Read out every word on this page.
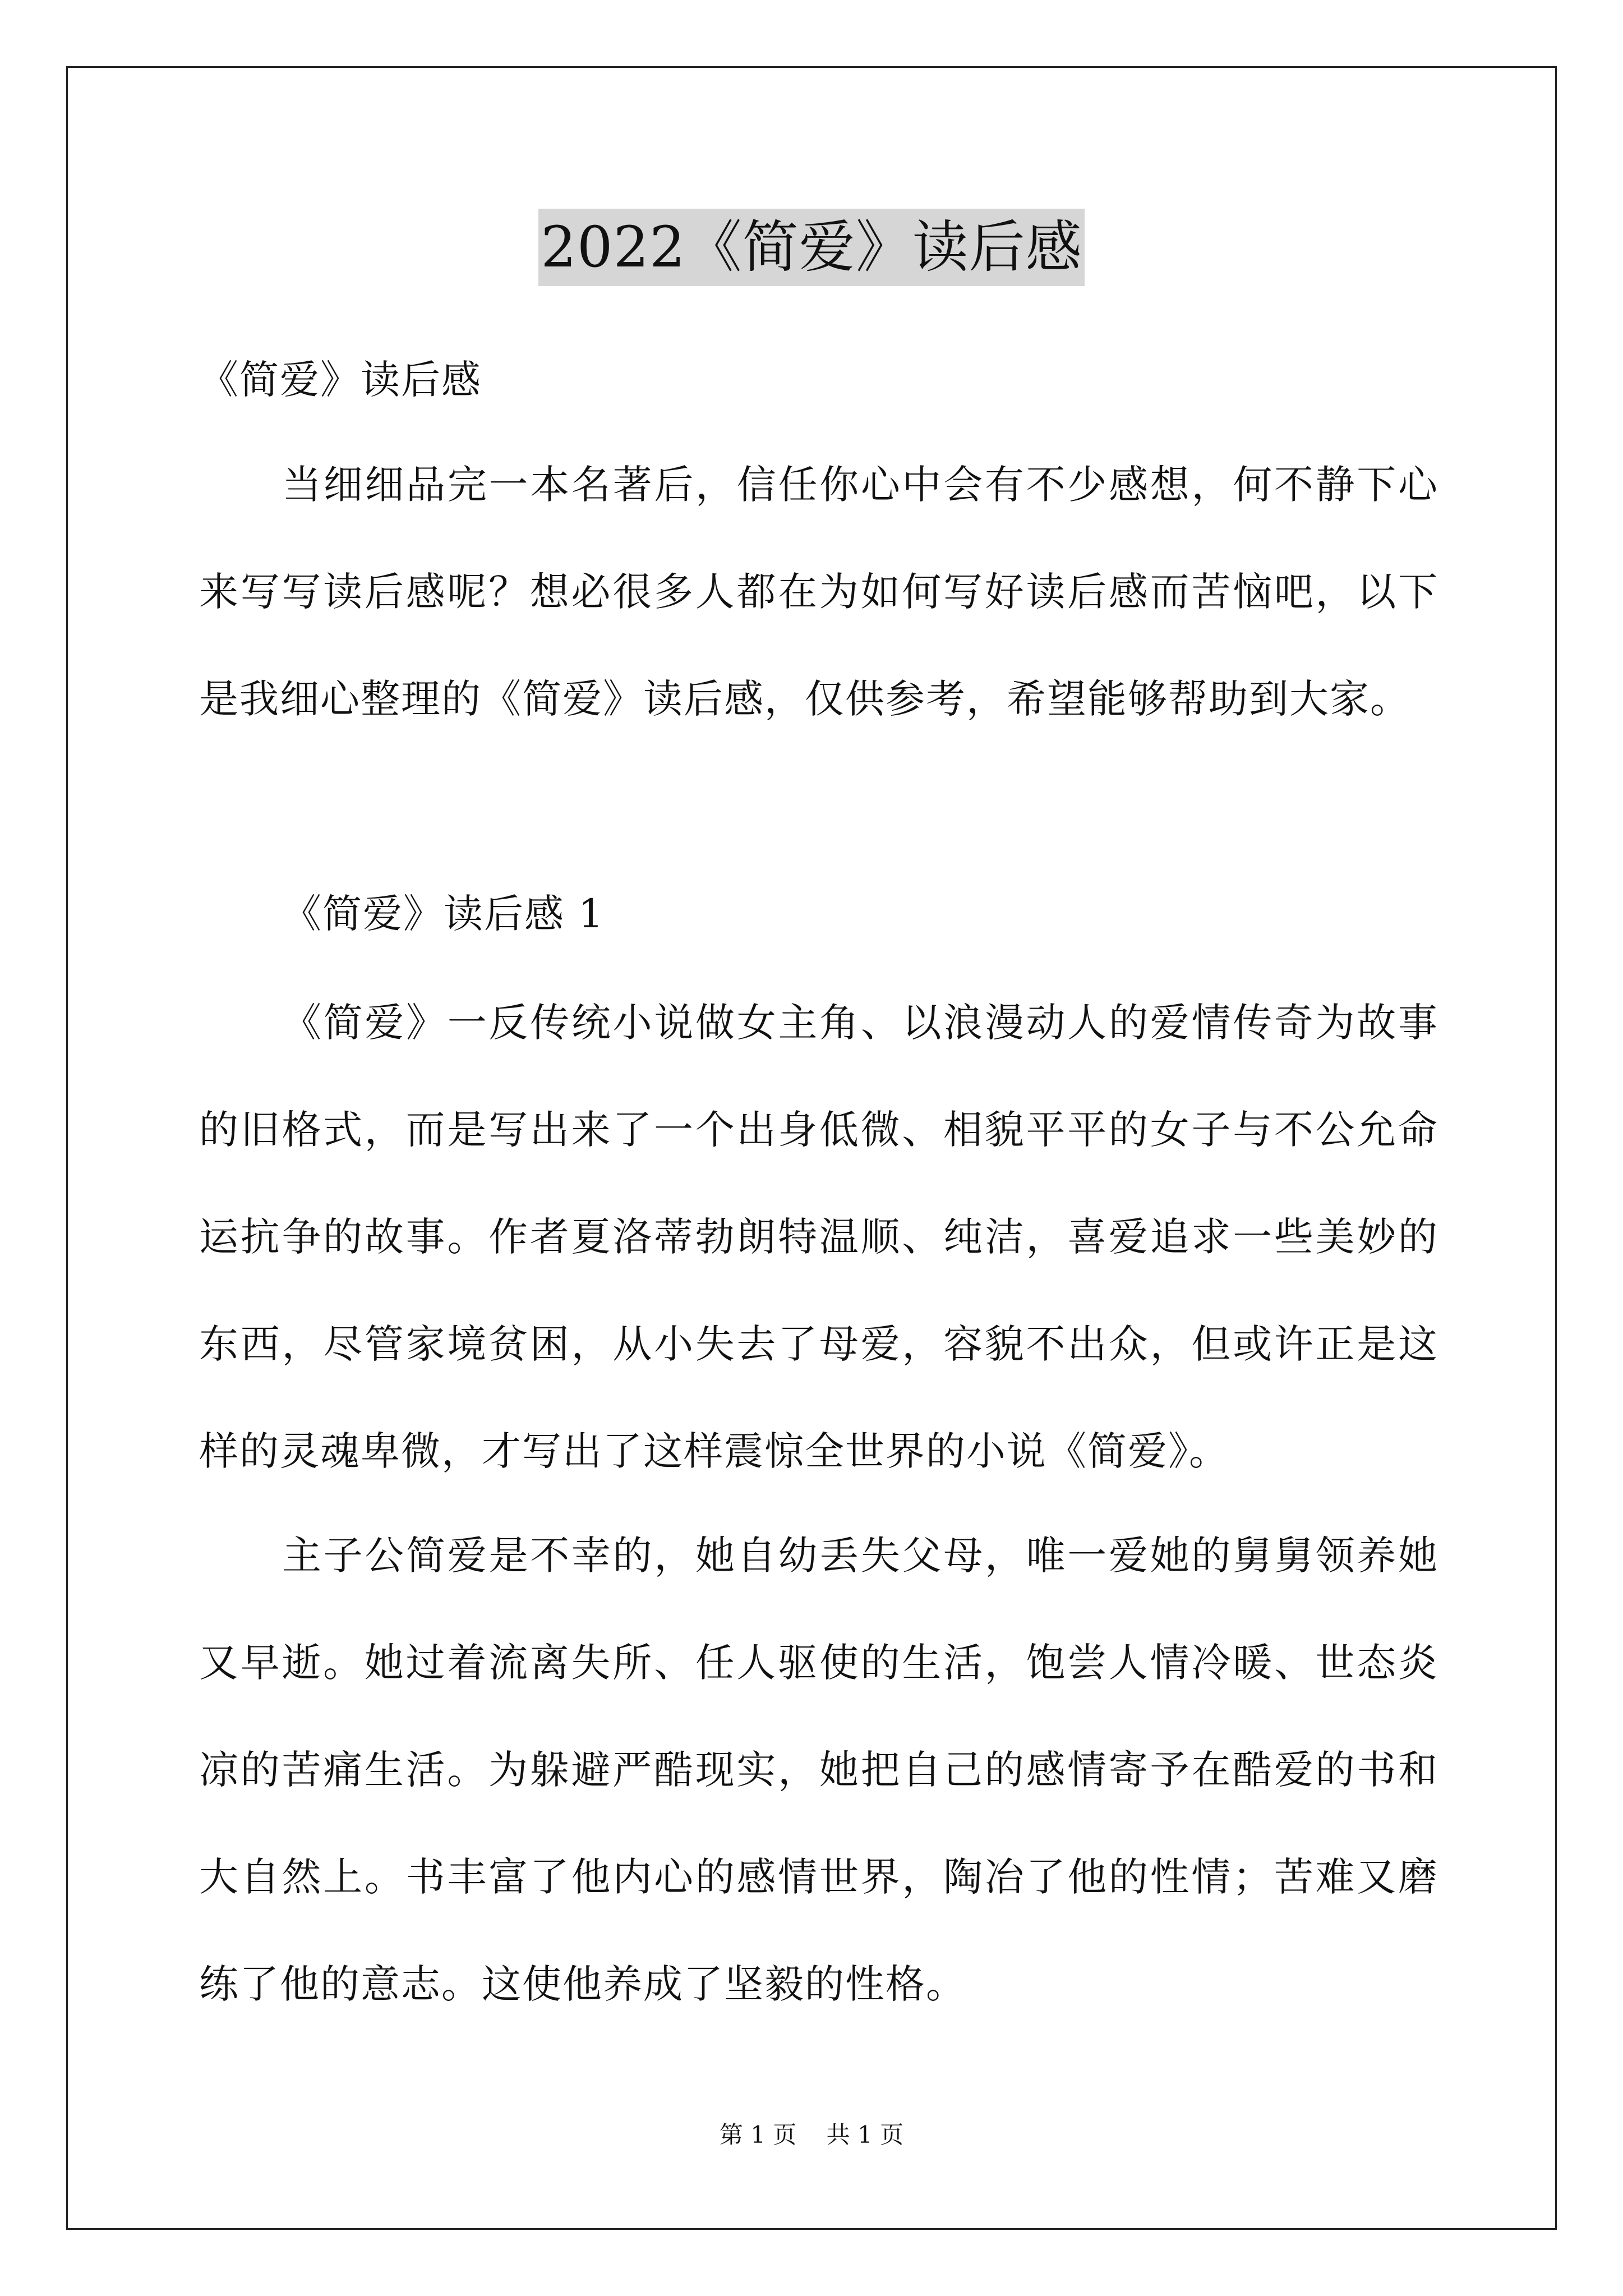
2022《简爱》读后感
《简爱》读后感

当细细品完一本名著后，信任你心中会有不少感想，何不静下心来写写读后感呢？想必很多人都在为如何写好读后感而苦恼吧，以下是我细心整理的《简爱》读后感，仅供参考，希望能够帮助到大家。

《简爱》读后感 1

《简爱》一反传统小说做女主角、以浪漫动人的爱情传奇为故事的旧格式，而是写出来了一个出身低微、相貌平平的女子与不公允命运抗争的故事。作者夏洛蒂勃朗特温顺、纯洁，喜爱追求一些美妙的东西，尽管家境贫困，从小失去了母爱，容貌不出众，但或许正是这样的灵魂卑微，才写出了这样震惊全世界的小说《简爱》。

主子公简爱是不幸的，她自幼丢失父母，唯一爱她的舅舅领养她又早逝。她过着流离失所、任人驱使的生活，饱尝人情冷暖、世态炎凉的苦痛生活。为躲避严酷现实，她把自己的感情寄予在酷爱的书和大自然上。书丰富了他内心的感情世界，陶冶了他的性情；苦难又磨练了他的意志。这使他养成了坚毅的性格。

第 1 页 共 1 页
